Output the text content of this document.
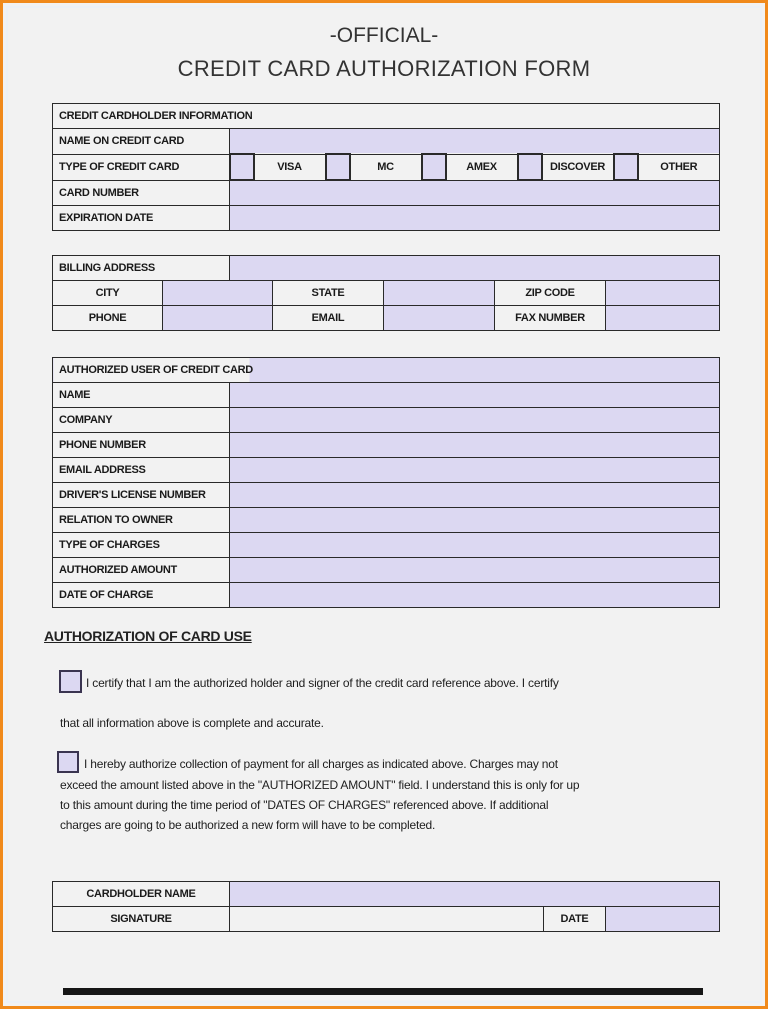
-OFFICIAL-
CREDIT CARD AUTHORIZATION FORM
CREDIT CARDHOLDER INFORMATION										
NAME ON CREDIT CARD										
TYPE OF CREDIT CARD		VISA		MC		AMEX		DISCOVER		OTHER
CARD NUMBER										
EXPIRATION DATE										
BILLING ADDRESS						
CITY			STATE		ZIP CODE	
PHONE			EMAIL		FAX NUMBER	
AUTHORIZED USER OF CREDIT CARD	
NAME	
COMPANY	
PHONE NUMBER	
EMAIL ADDRESS	
DRIVER'S LICENSE NUMBER	
RELATION TO OWNER	
TYPE OF CHARGES	
AUTHORIZED AMOUNT	
DATE OF CHARGE	
AUTHORIZATION OF CARD USE
I certify that I am the authorized holder and signer of the credit card reference above. I certify
that all information above is complete and accurate.
I hereby authorize collection of payment for all charges as indicated above. Charges may not
exceed the amount listed above in the "AUTHORIZED AMOUNT" field. I understand this is only for up
to this amount during the time period of "DATES OF CHARGES" referenced above. If additional
charges are going to be authorized a new form will have to be completed.
CARDHOLDER NAME			
SIGNATURE		DATE	
